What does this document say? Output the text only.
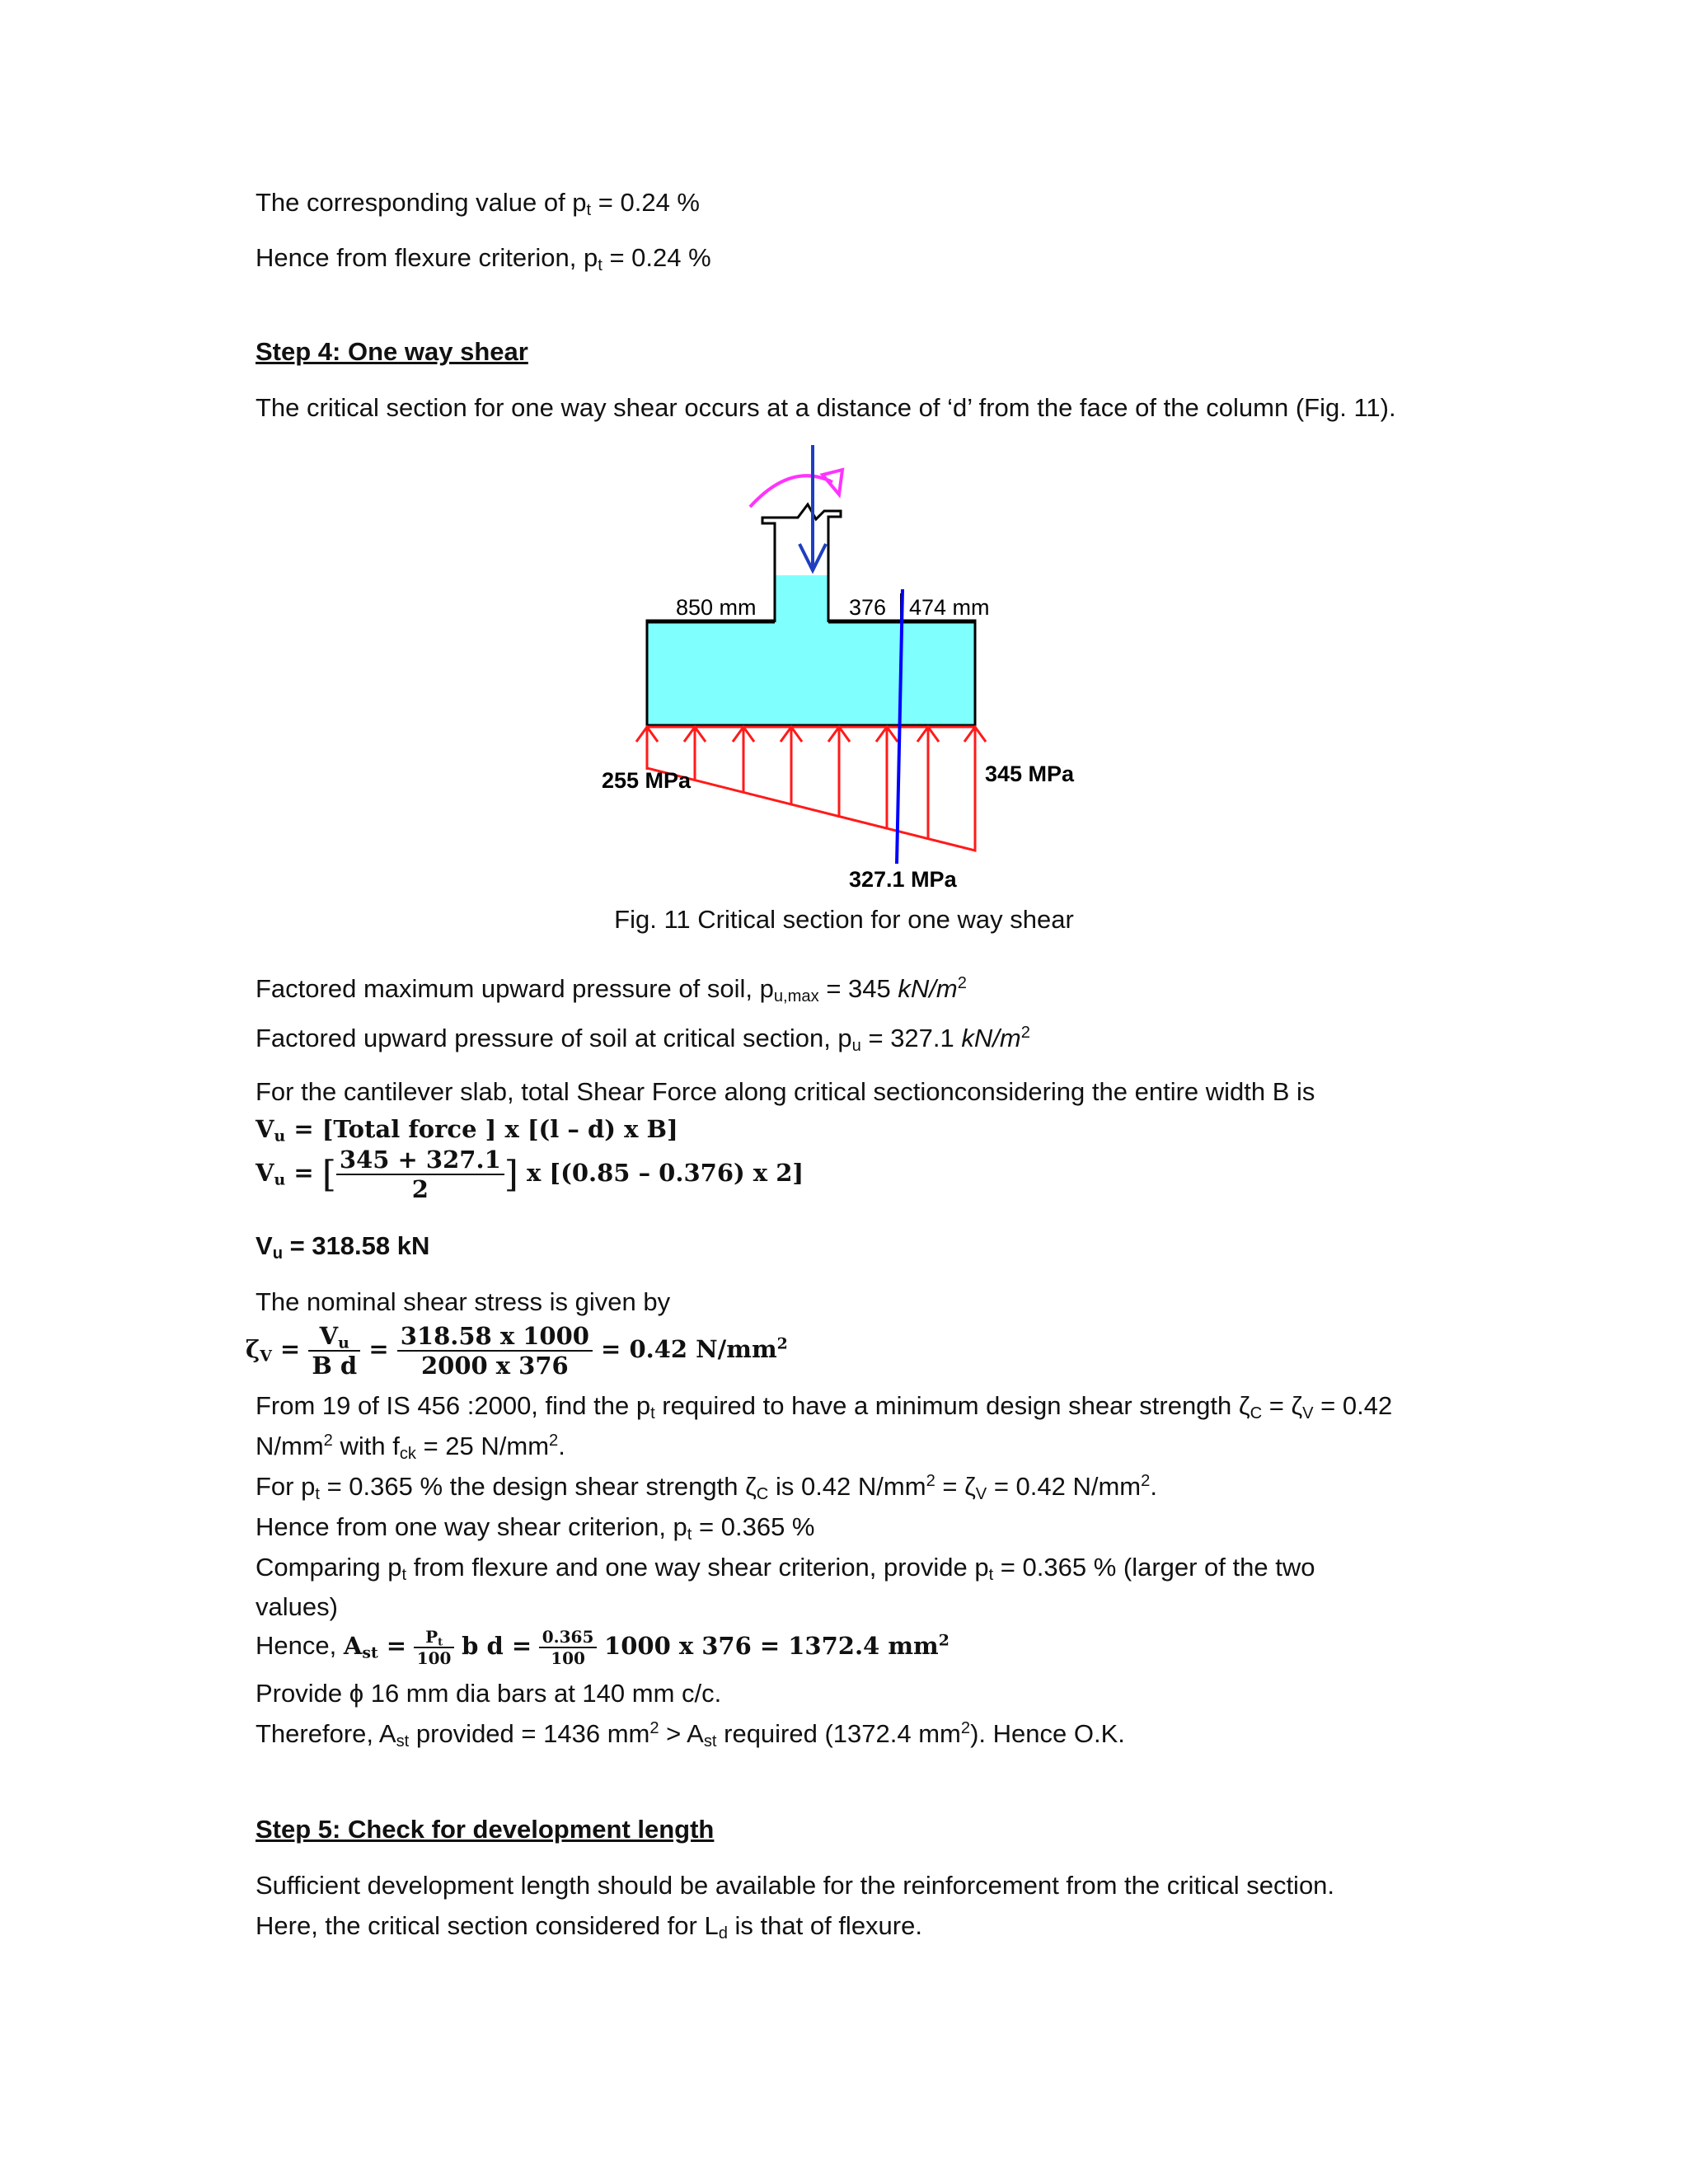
The corresponding value of $p_t = 0.24$ %
Hence from flexure criterion, $p_t = 0.24$ %
Step 4: One way shear
The critical section for one way shear occurs at a distance of ‘d’ from the face of the column (Fig. 11).
850 mm	376 474 mm
255 MPa	345 MPa
327.1 MPa
Fig. 11 Critical section for one way shear
Factored maximum upward pressure of soil, $p_{u,max} = 345$ $kN/m^2$
Factored upward pressure of soil at critical section, $p_u = 327.1$ $kN/m^2$
For the cantilever slab, total Shear Force along critical sectionconsidering the entire width B is
$V_u$ = [Total force ] x [(l – d) x B]
$V_u$ = [ $\frac{345 + 327.1}{2}$ ] x [(0.85 – 0.376) x 2]
$V_u = 318.58$ kN
The nominal shear stress is given by
$\zeta_V = \frac{V_u}{\text{B d}} = \frac{318.58 x 1000}{2000 x 376} = 0.42$ $N/mm^2$
From 19 of IS 456 :2000, find the $p_t$ required to have a minimum design shear strength $\zeta_C = \zeta_V = 0.42$
$N/mm^2$ with $f_{ck} = 25$ $N/mm^2$.
For $p_t = 0.365$ % the design shear strength $\zeta_C$ is 0.42 $N/mm^2 = \zeta_V = 0.42$ $N/mm^2$.
Hence from one way shear criterion, $p_t = 0.365$ %
Comparing $p_t$ from flexure and one way shear criterion, provide $p_t = 0.365$ % (larger of the two
values)
Hence, $A_{st} = \frac{P_t}{100}$ b $d = \frac{0.365}{100} 1000$ x 376 = 1372.4 $mm^2$
Provide ϕ 16 mm dia bars at 140 mm c/c.
Therefore, $A_{st}$ provided = 1436 $mm^2 > A_{st}$ required (1372.4 $mm^2$). Hence O.K.
Step 5: Check for development length
Sufficient development length should be available for the reinforcement from the critical section.
Here, the critical section considered for $L_d$ is that of flexure.
